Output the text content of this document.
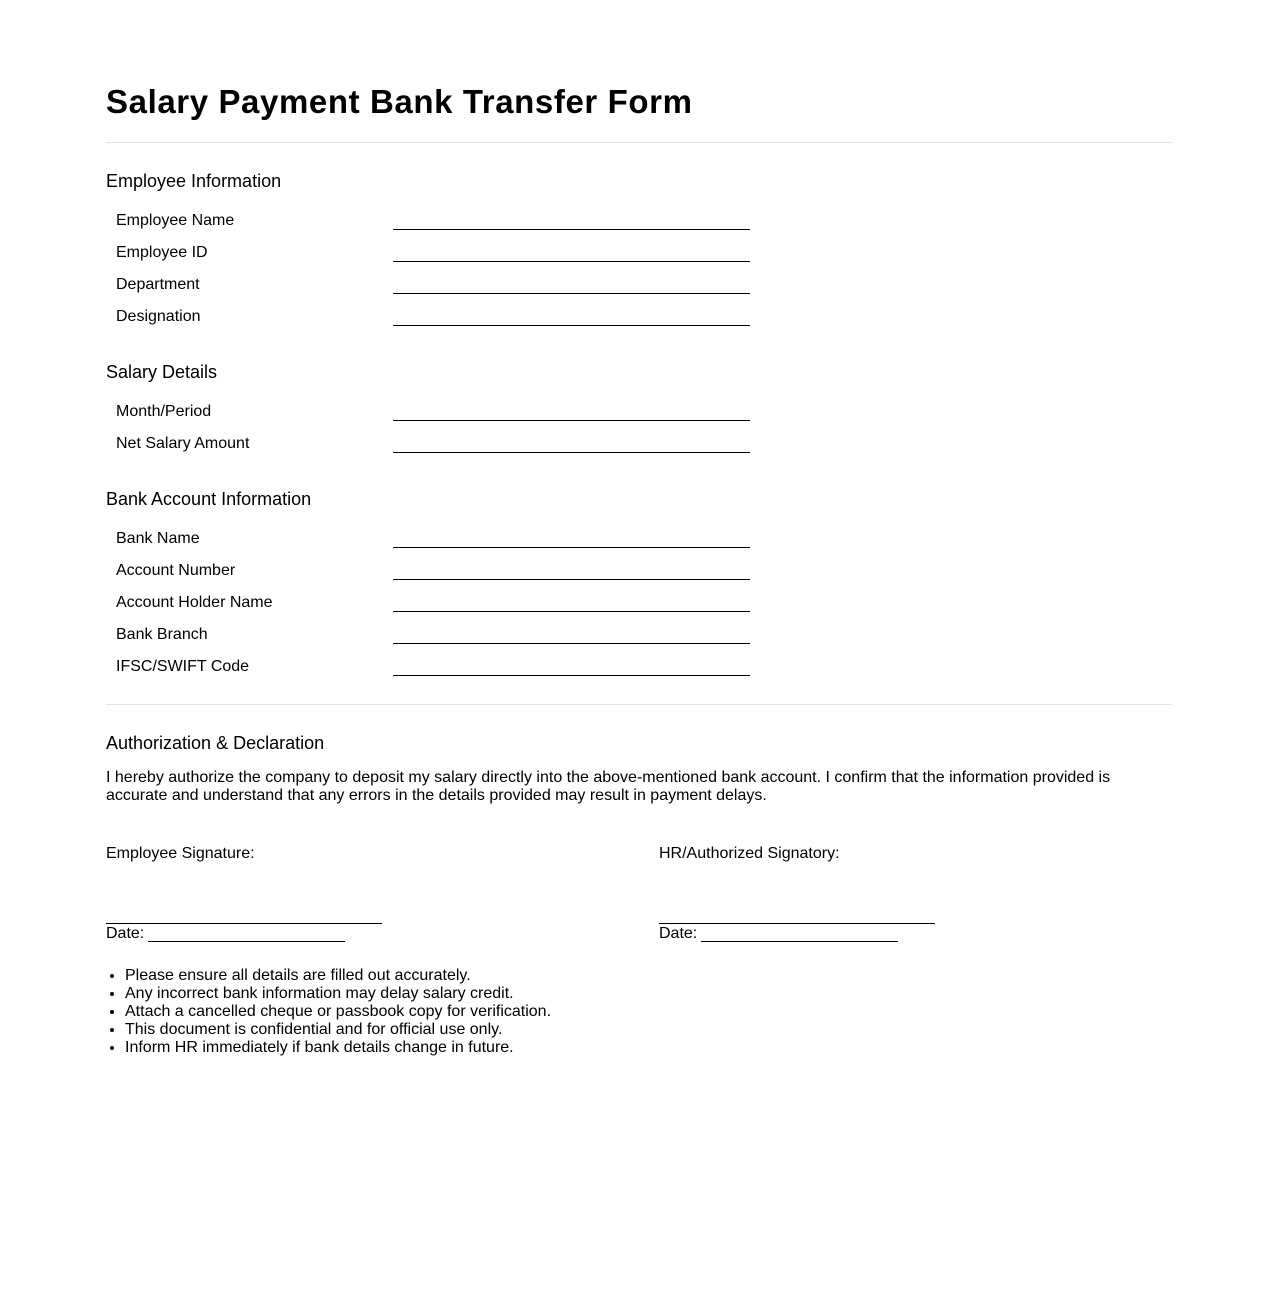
Salary Payment Bank Transfer Form
Employee Information
Employee Name
Employee ID
Department
Designation
Salary Details
Month/Period
Net Salary Amount
Bank Account Information
Bank Name
Account Number
Account Holder Name
Bank Branch
IFSC/SWIFT Code
Authorization & Declaration

I hereby authorize the company to deposit my salary directly into the above-mentioned bank account. I confirm that the information provided is accurate and understand that any errors in the details provided may result in payment delays.

Employee Signature:
Date:
HR/Authorized Signatory:
Date:
• Please ensure all details are filled out accurately.
• Any incorrect bank information may delay salary credit.
• Attach a cancelled cheque or passbook copy for verification.
• This document is confidential and for official use only.
• Inform HR immediately if bank details change in future.
